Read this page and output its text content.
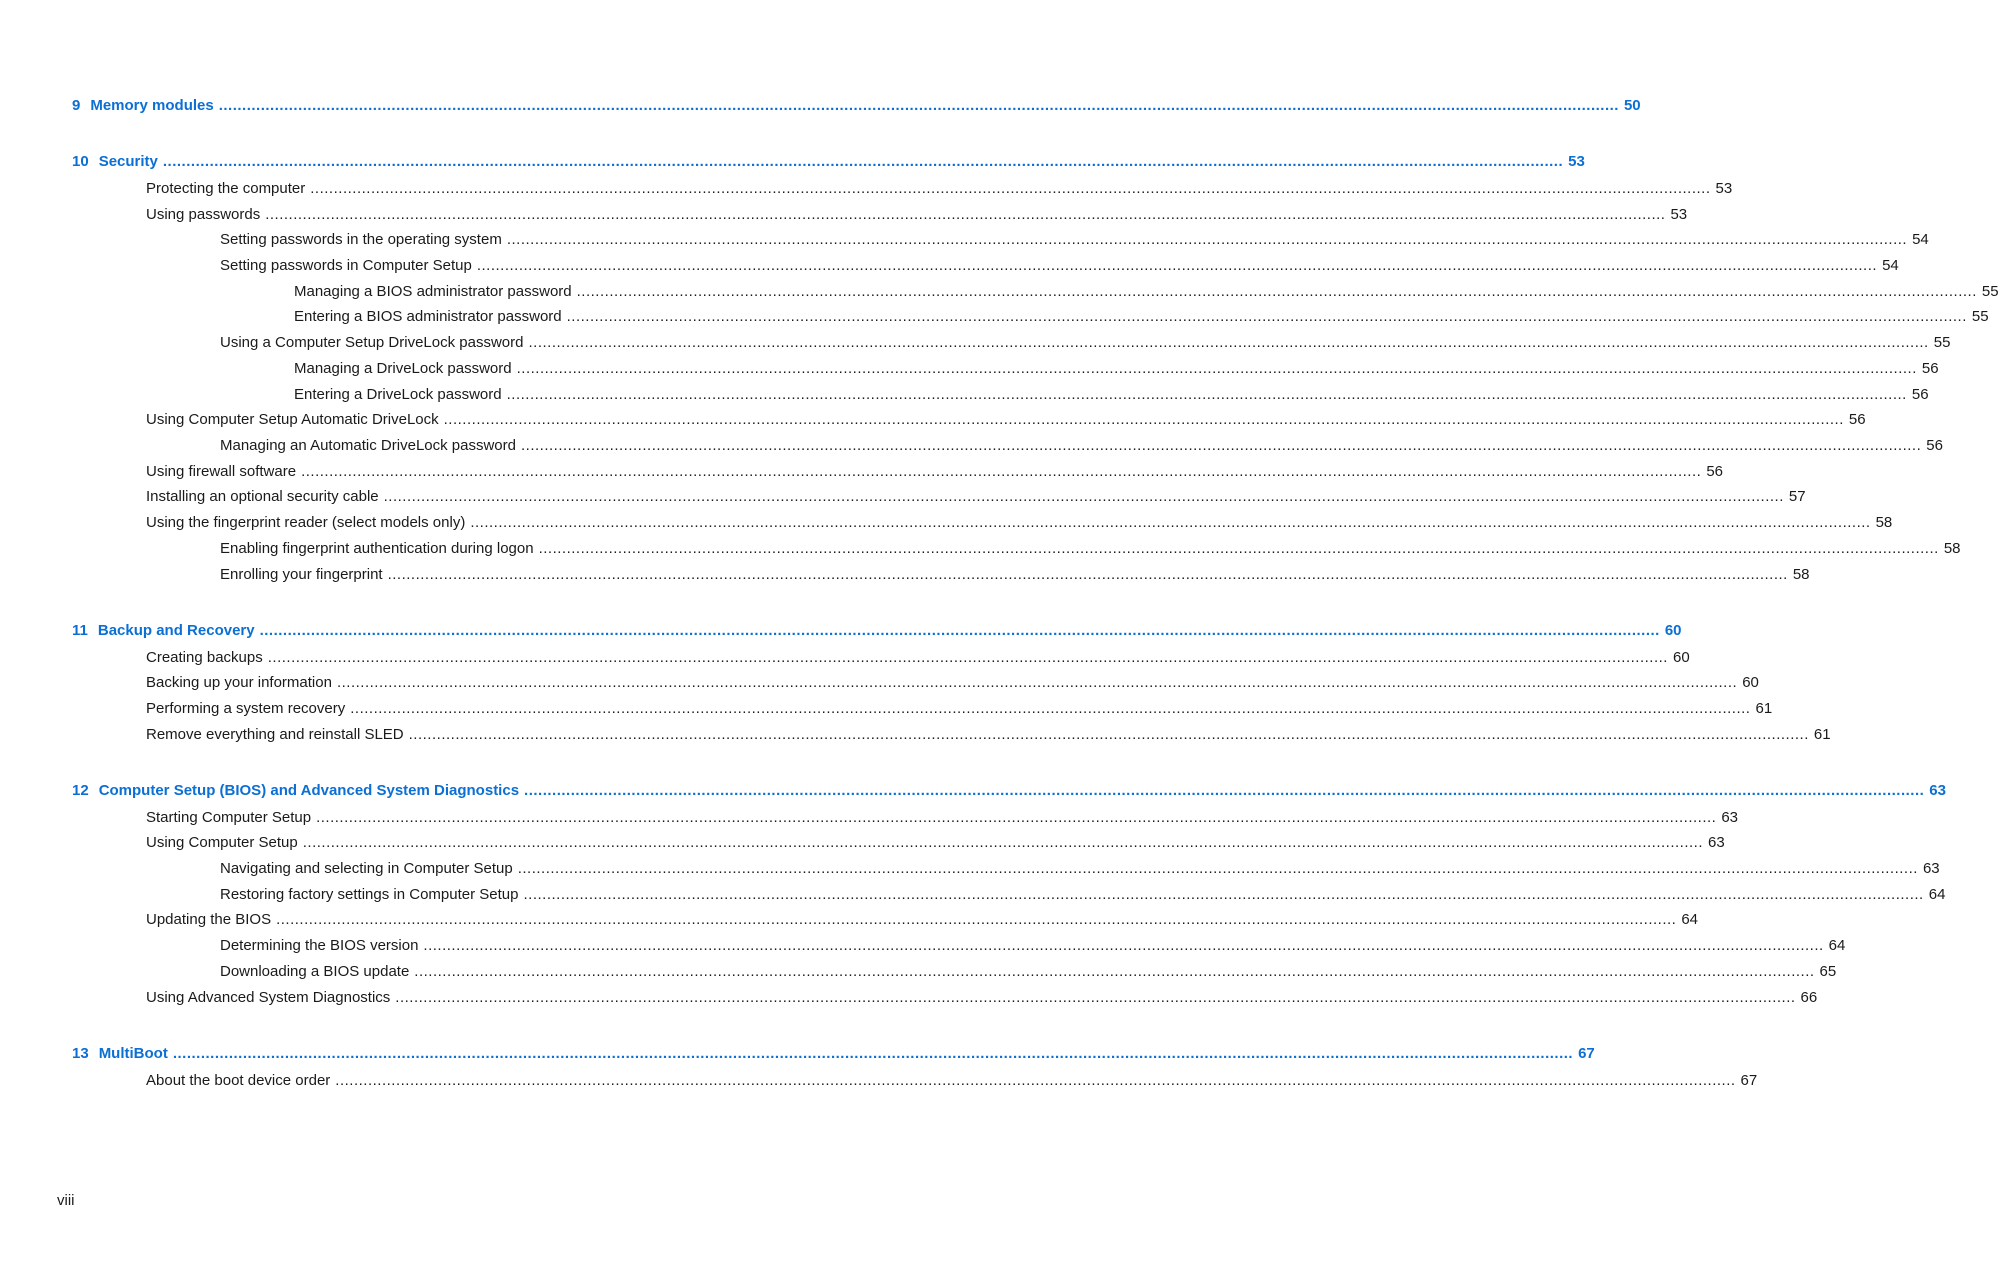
9 Memory modules ............................................................................................................................................................................................................................................................................................................ 50
10 Security ............................................................................................................................................................................................................................................................................................................ 53
Protecting the computer ............................................................................................................................................................................................................................................................................................................ 53
Using passwords ............................................................................................................................................................................................................................................................................................................ 53
Setting passwords in the operating system ............................................................................................................................................................................................................................................................................................................ 54
Setting passwords in Computer Setup ............................................................................................................................................................................................................................................................................................................ 54
Managing a BIOS administrator password ............................................................................................................................................................................................................................................................................................................ 55
Entering a BIOS administrator password ............................................................................................................................................................................................................................................................................................................ 55
Using a Computer Setup DriveLock password ............................................................................................................................................................................................................................................................................................................ 55
Managing a DriveLock password ............................................................................................................................................................................................................................................................................................................ 56
Entering a DriveLock password ............................................................................................................................................................................................................................................................................................................ 56
Using Computer Setup Automatic DriveLock ............................................................................................................................................................................................................................................................................................................ 56
Managing an Automatic DriveLock password ............................................................................................................................................................................................................................................................................................................ 56
Using firewall software ............................................................................................................................................................................................................................................................................................................ 56
Installing an optional security cable ............................................................................................................................................................................................................................................................................................................ 57
Using the fingerprint reader (select models only) ............................................................................................................................................................................................................................................................................................................ 58
Enabling fingerprint authentication during logon ............................................................................................................................................................................................................................................................................................................ 58
Enrolling your fingerprint ............................................................................................................................................................................................................................................................................................................ 58
11 Backup and Recovery ............................................................................................................................................................................................................................................................................................................ 60
Creating backups ............................................................................................................................................................................................................................................................................................................ 60
Backing up your information ............................................................................................................................................................................................................................................................................................................ 60
Performing a system recovery ............................................................................................................................................................................................................................................................................................................ 61
Remove everything and reinstall SLED ............................................................................................................................................................................................................................................................................................................ 61
12 Computer Setup (BIOS) and Advanced System Diagnostics ............................................................................................................................................................................................................................................................................................................ 63
Starting Computer Setup ............................................................................................................................................................................................................................................................................................................ 63
Using Computer Setup ............................................................................................................................................................................................................................................................................................................ 63
Navigating and selecting in Computer Setup ............................................................................................................................................................................................................................................................................................................ 63
Restoring factory settings in Computer Setup ............................................................................................................................................................................................................................................................................................................ 64
Updating the BIOS ............................................................................................................................................................................................................................................................................................................ 64
Determining the BIOS version ............................................................................................................................................................................................................................................................................................................ 64
Downloading a BIOS update ............................................................................................................................................................................................................................................................................................................ 65
Using Advanced System Diagnostics ............................................................................................................................................................................................................................................................................................................ 66
13 MultiBoot ............................................................................................................................................................................................................................................................................................................ 67
About the boot device order ............................................................................................................................................................................................................................................................................................................ 67
viii
